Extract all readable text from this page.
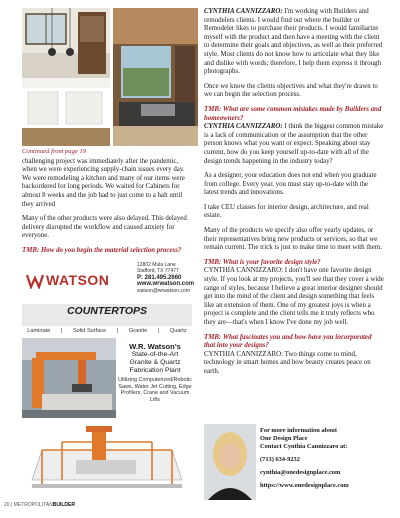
Continued from page 19

challenging project was immediately after the pandemic, when we were experiencing supply-chain issues every day. We were remodeling a kitchen and many of our items were backordered for long periods. We waited for Cabinets for almost 8 weeks and the job had to just come to a halt until they arrived

Many of the other products were also delayed. This delayed delivery disrupted the workflow and caused anxiety for everyone.

TMB: How do you begin the material selection process?

WATSON
12802 Mula Lane
Stafford, TX 77477
P: 281.495.2660
www.wrwatson.com
watson@wrwatson.com
COUNTERTOPS
Laminate | Solid Surface | Granite | Quartz
W.R. Watson's
State-of-the-Art
Granite & Quartz
Fabrication Plant
Utilizing Computerized/Robotic Saws, Water Jet Cutting, Edge Profilers, Crane and Vacuum Lifts

CYNTHIA CANNIZZARO: I'm working with Builders and remodelers clients. I would find out where the builder or Remodeler likes to purchase their products. I would familiarize myself with the product and then have a meeting with the client to determine their goals and objectives, as well as their preferred style. Most clients do not know how to articulate what they like and dislike with words; therefore, I help them express it through photographs.

Once we know the clients objectives and what they're drawn to we can begin the selection process.

TMB: What are some common mistakes made by Builders and homeowners?

CYNTHIA CANNIZZARO: I think the biggest common mistake is a lack of communication or the assumption that the other person knows what you want or expect. Speaking about stay current, how do you keep yourself up-to-date with all of the design trends happening in the industry today?

As a designer, your education does not end when you graduate from college. Every year, you must stay up-to-date with the latest trends and innovations.

I take CEU classes for interior design, architecture, and real estate.

Many of the products we specify also offer yearly updates, or their representatives bring new products or services, so that we remain current. The trick is just to make time to meet with them.

TMB: What is your favorite design style?

CYNTHIA CANNIZZARO: I don't have one favorite design style. If you look at my projects, you'll see that they cover a wide range of styles, because I believe a great interior designer should get into the mind of the client and design something that feels like an extension of them. One of my greatest joys is when a project is complete and the client tells me it truly reflects who they are—that's when I know I've done my job well.

TMB: What fascinates you and how have you incorporated that into your designs?

CYNTHIA CANNIZZARO: Two things come to mind, technology in smart homes and how beauty creates peace on earth.

For more information about
One Design Place
Contact Cynthia Cannizzaro at:
(713) 634-9232
cynthia@onedesignplace.com
https://www.onedesignplace.com
20 | METROPOLITANBUILDER
